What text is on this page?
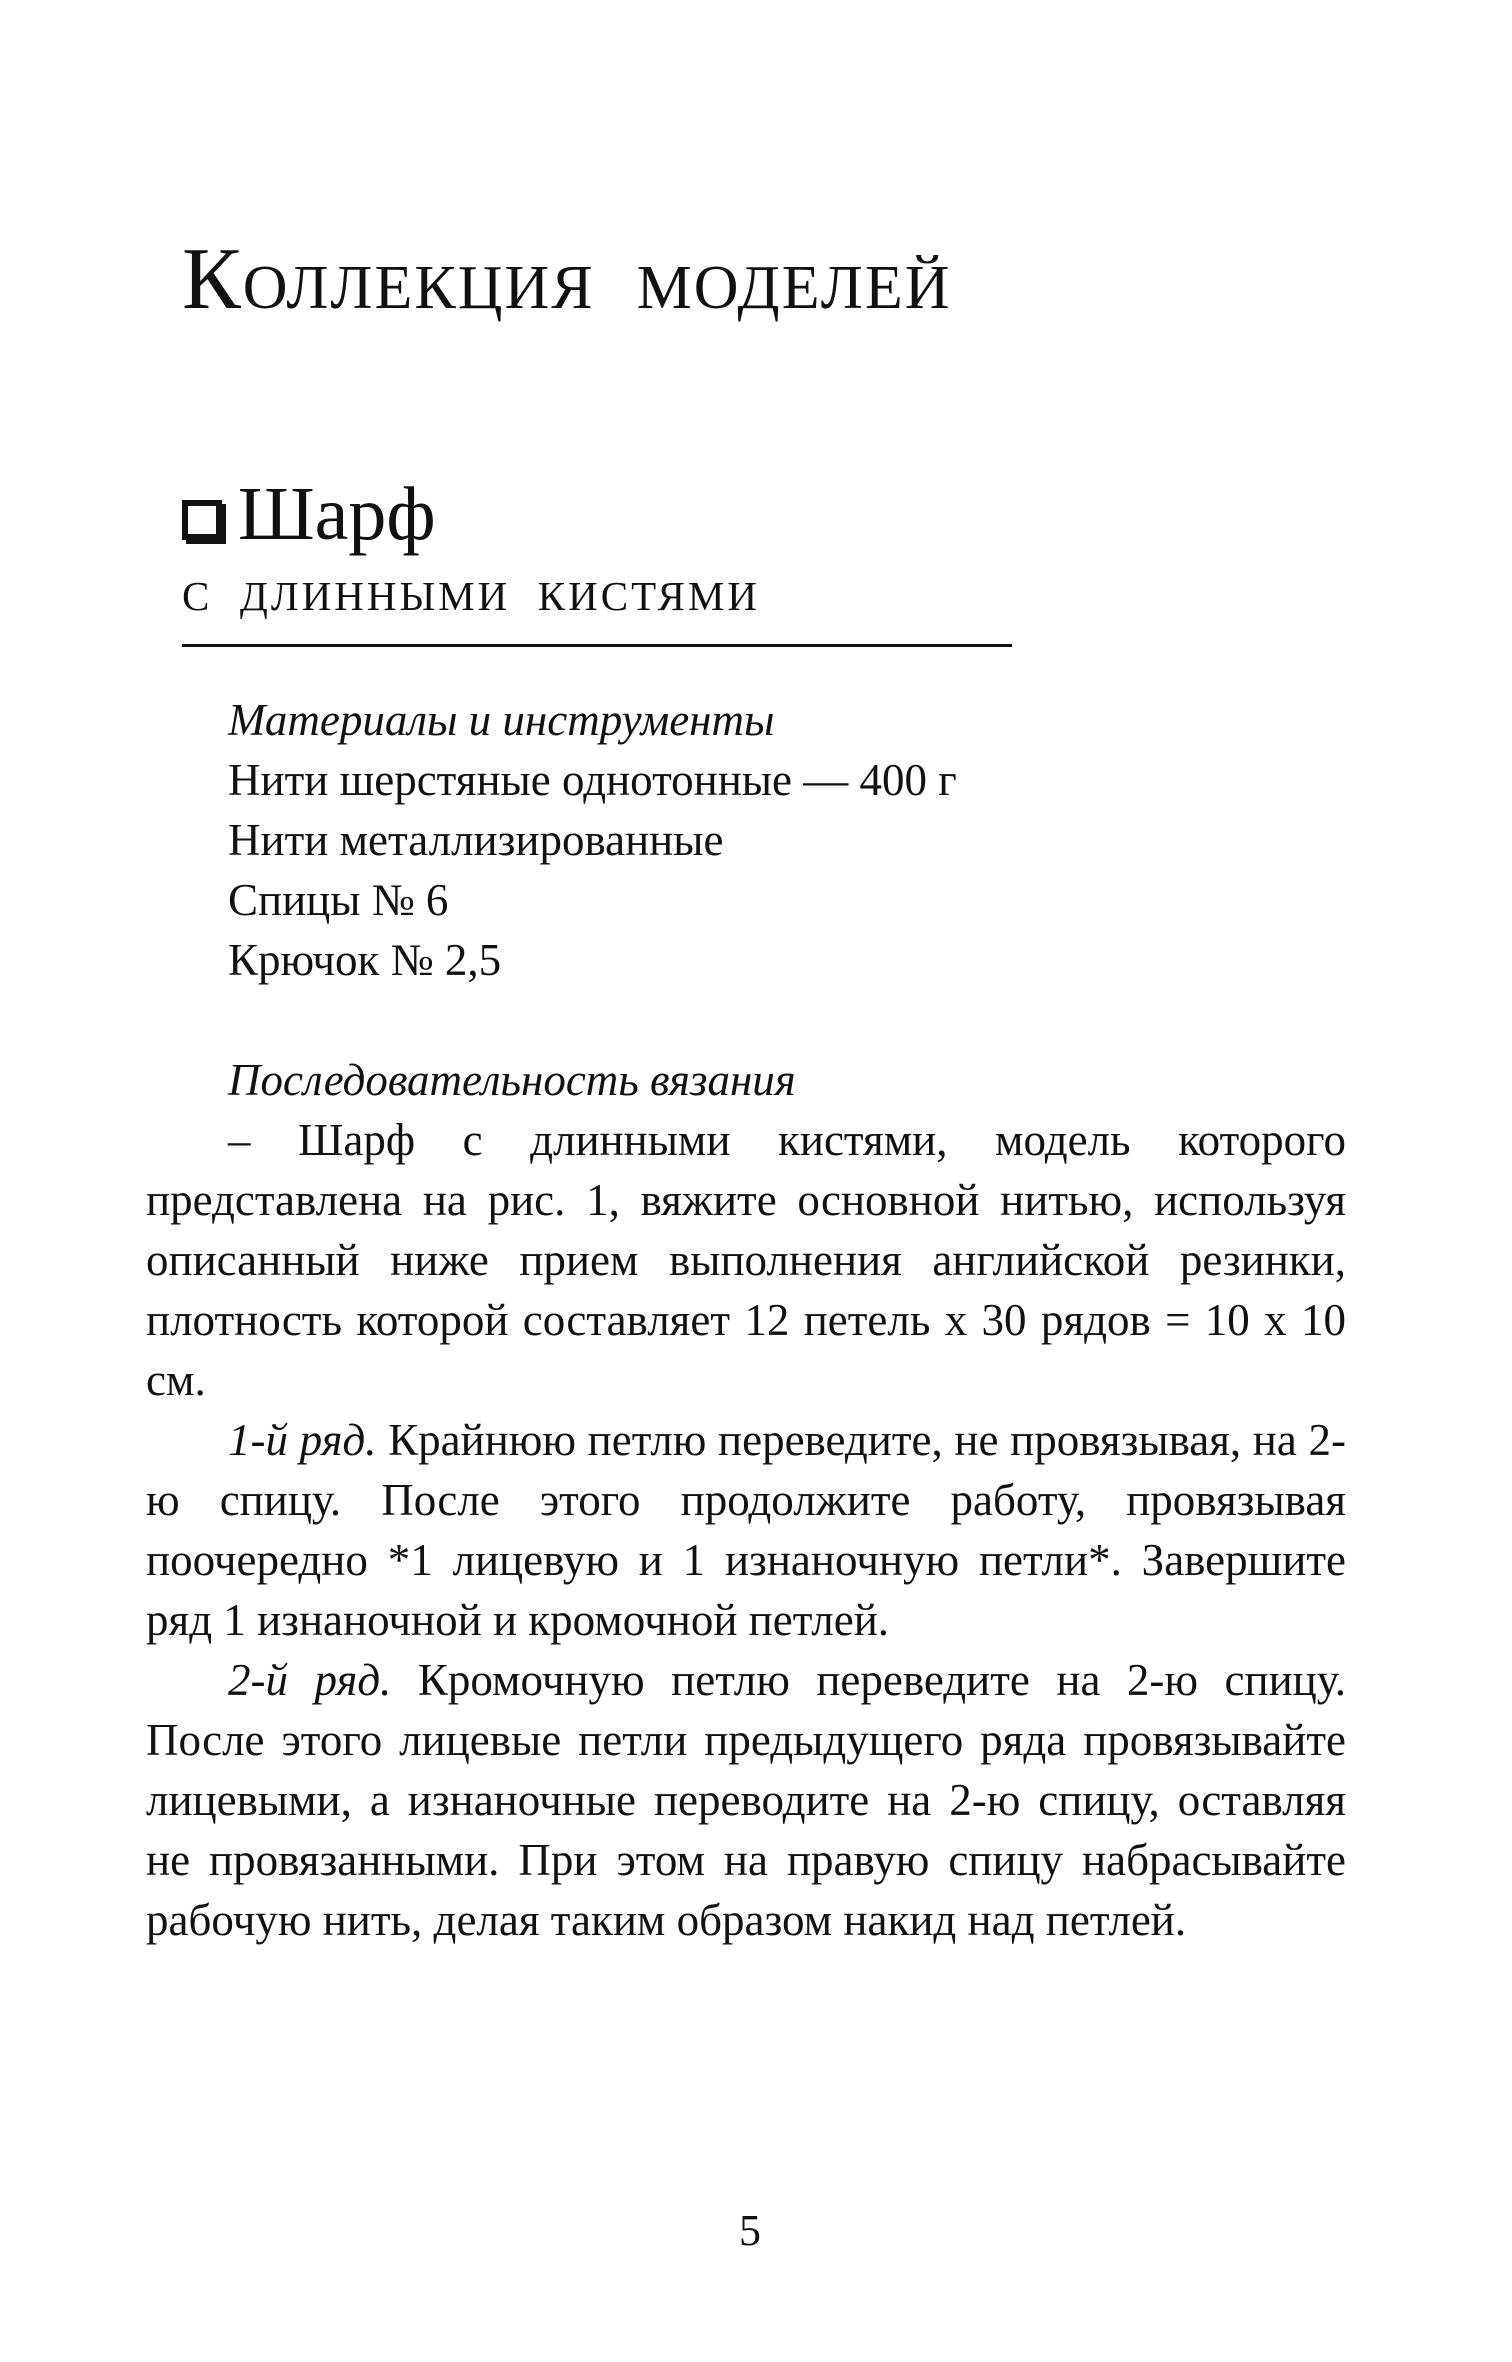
Коллекция моделей
Шарф
с длинными кистями
Материалы и инструменты
Нити шерстяные однотонные — 400 г
Нити металлизированные
Спицы № 6
Крючок № 2,5
Последовательность вязания

– Шарф с длинными кистями, модель которого представлена на рис. 1, вяжите основной нитью, используя описанный ниже прием выполнения английской резинки, плотность которой составляет 12 петель х 30 рядов = 10 х 10 см.

1-й ряд. Крайнюю петлю переведите, не провязывая, на 2-ю спицу. После этого продолжите работу, провязывая поочередно *1 лицевую и 1 изнаночную петли*. Завершите ряд 1 изнаночной и кромочной петлей.

2-й ряд. Кромочную петлю переведите на 2-ю спицу. После этого лицевые петли предыдущего ряда провязывайте лицевыми, а изнаночные переводите на 2-ю спицу, оставляя не провязанными. При этом на правую спицу набрасывайте рабочую нить, делая таким образом накид над петлей.

5
